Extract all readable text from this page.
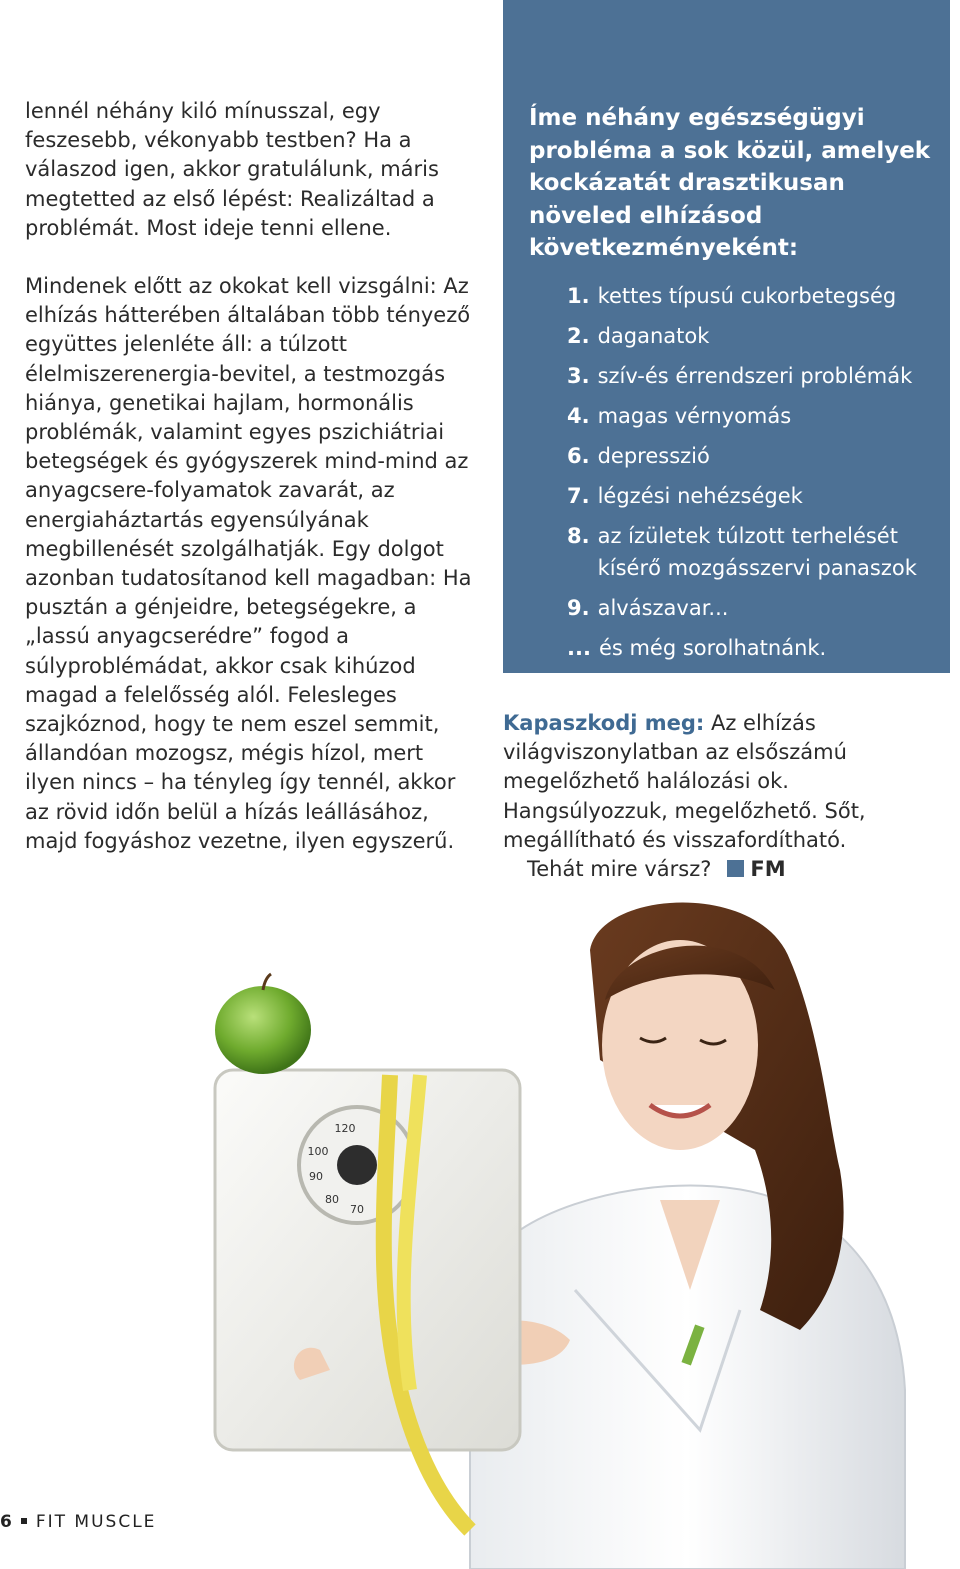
lennél néhány kiló mínusszal, egy feszesebb, vékonyabb testben? Ha a válaszod igen, akkor gratulálunk, máris megtetted az első lépést: Realizáltad a problémát. Most ideje tenni ellene.

Mindenek előtt az okokat kell vizsgálni: Az elhízás hátterében általában több tényező együttes jelenléte áll: a túlzott élelmiszerenergia-bevitel, a testmozgás hiánya, genetikai hajlam, hormonális problémák, valamint egyes pszichiátriai betegségek és gyógyszerek mind-mind az anyagcsere-folyamatok zavarát, az energiaháztartás egyensúlyának megbillenését szolgálhatják. Egy dolgot azonban tudatosítanod kell magadban: Ha pusztán a génjeidre, betegségekre, a „lassú anyagcserédre” fogod a súlyproblémádat, akkor csak kihúzod magad a felelősség alól. Felesleges szajkóznod, hogy te nem eszel semmit, állandóan mozogsz, mégis hízol, mert ilyen nincs – ha tényleg így tennél, akkor az rövid időn belül a hízás leállásához, majd fogyáshoz vezetne, ilyen egyszerű.

Íme néhány egészségügyi probléma a sok közül, amelyek kockázatát drasztikusan növeled elhízásod következményeként:
1. kettes típusú cukorbetegség
2. daganatok
3. szív-és érrendszeri problémák
4. magas vérnyomás
6. depresszió
7. légzési nehézségek
8. az ízületek túlzott terhelését kísérő mozgásszervi panaszok
9. alvászavar...
... és még sorolhatnánk.
Kapaszkodj meg: Az elhízás világviszonylatban az elsőszámú megelőzhető halálozási ok. Hangsúlyozzuk, megelőzhető. Sőt, megállítható és visszafordítható.
Tehát mire vársz? FM
120
100
90
80
70
6 FIT MUSCLE
